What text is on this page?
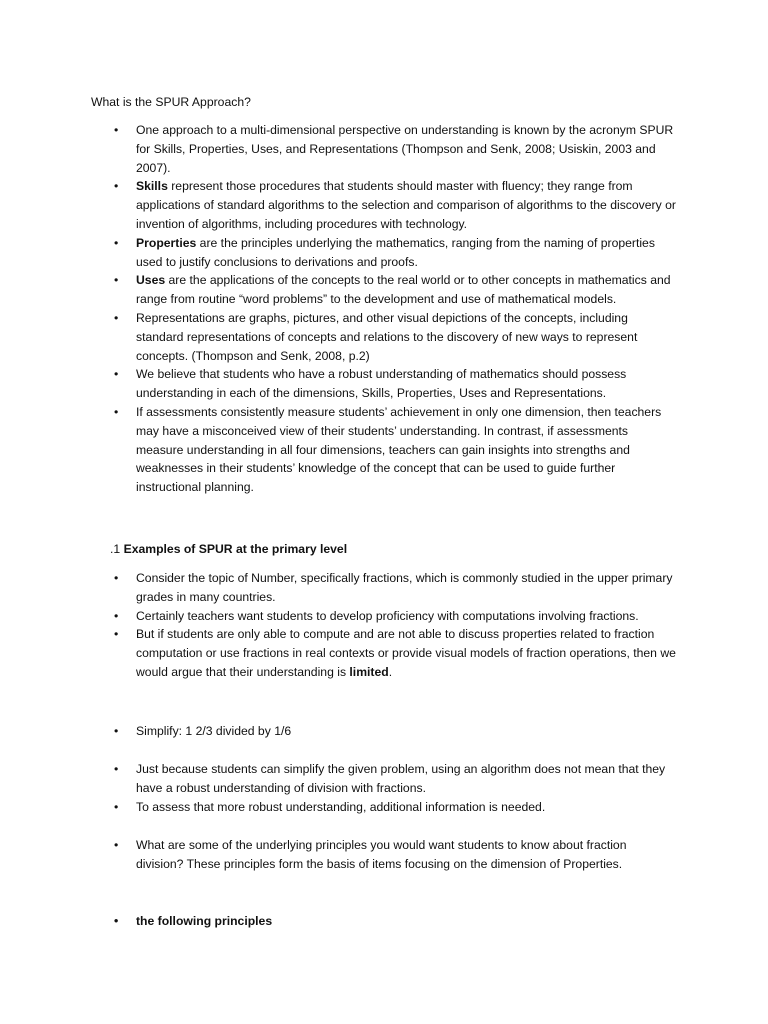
What is the SPUR Approach?
• One approach to a multi-dimensional perspective on understanding is known by the acronym SPUR for Skills, Properties, Uses, and Representations (Thompson and Senk, 2008; Usiskin, 2003 and 2007).
• Skills represent those procedures that students should master with fluency; they range from applications of standard algorithms to the selection and comparison of algorithms to the discovery or invention of algorithms, including procedures with technology.
• Properties are the principles underlying the mathematics, ranging from the naming of properties used to justify conclusions to derivations and proofs.
• Uses are the applications of the concepts to the real world or to other concepts in mathematics and range from routine “word problems” to the development and use of mathematical models.
• Representations are graphs, pictures, and other visual depictions of the concepts, including standard representations of concepts and relations to the discovery of new ways to represent concepts. (Thompson and Senk, 2008, p.2)
• We believe that students who have a robust understanding of mathematics should possess understanding in each of the dimensions, Skills, Properties, Uses and Representations.
• If assessments consistently measure students’ achievement in only one dimension, then teachers may have a misconceived view of their students’ understanding. In contrast, if assessments measure understanding in all four dimensions, teachers can gain insights into strengths and weaknesses in their students’ knowledge of the concept that can be used to guide further instructional planning.
.1 Examples of SPUR at the primary level
• Consider the topic of Number, specifically fractions, which is commonly studied in the upper primary grades in many countries.
• Certainly teachers want students to develop proficiency with computations involving fractions.
• But if students are only able to compute and are not able to discuss properties related to fraction computation or use fractions in real contexts or provide visual models of fraction operations, then we would argue that their understanding is limited.
• Simplify: 1 2/3 divided by 1/6
• Just because students can simplify the given problem, using an algorithm does not mean that they have a robust understanding of division with fractions.
• To assess that more robust understanding, additional information is needed.
• What are some of the underlying principles you would want students to know about fraction division? These principles form the basis of items focusing on the dimension of Properties.
• the following principles
